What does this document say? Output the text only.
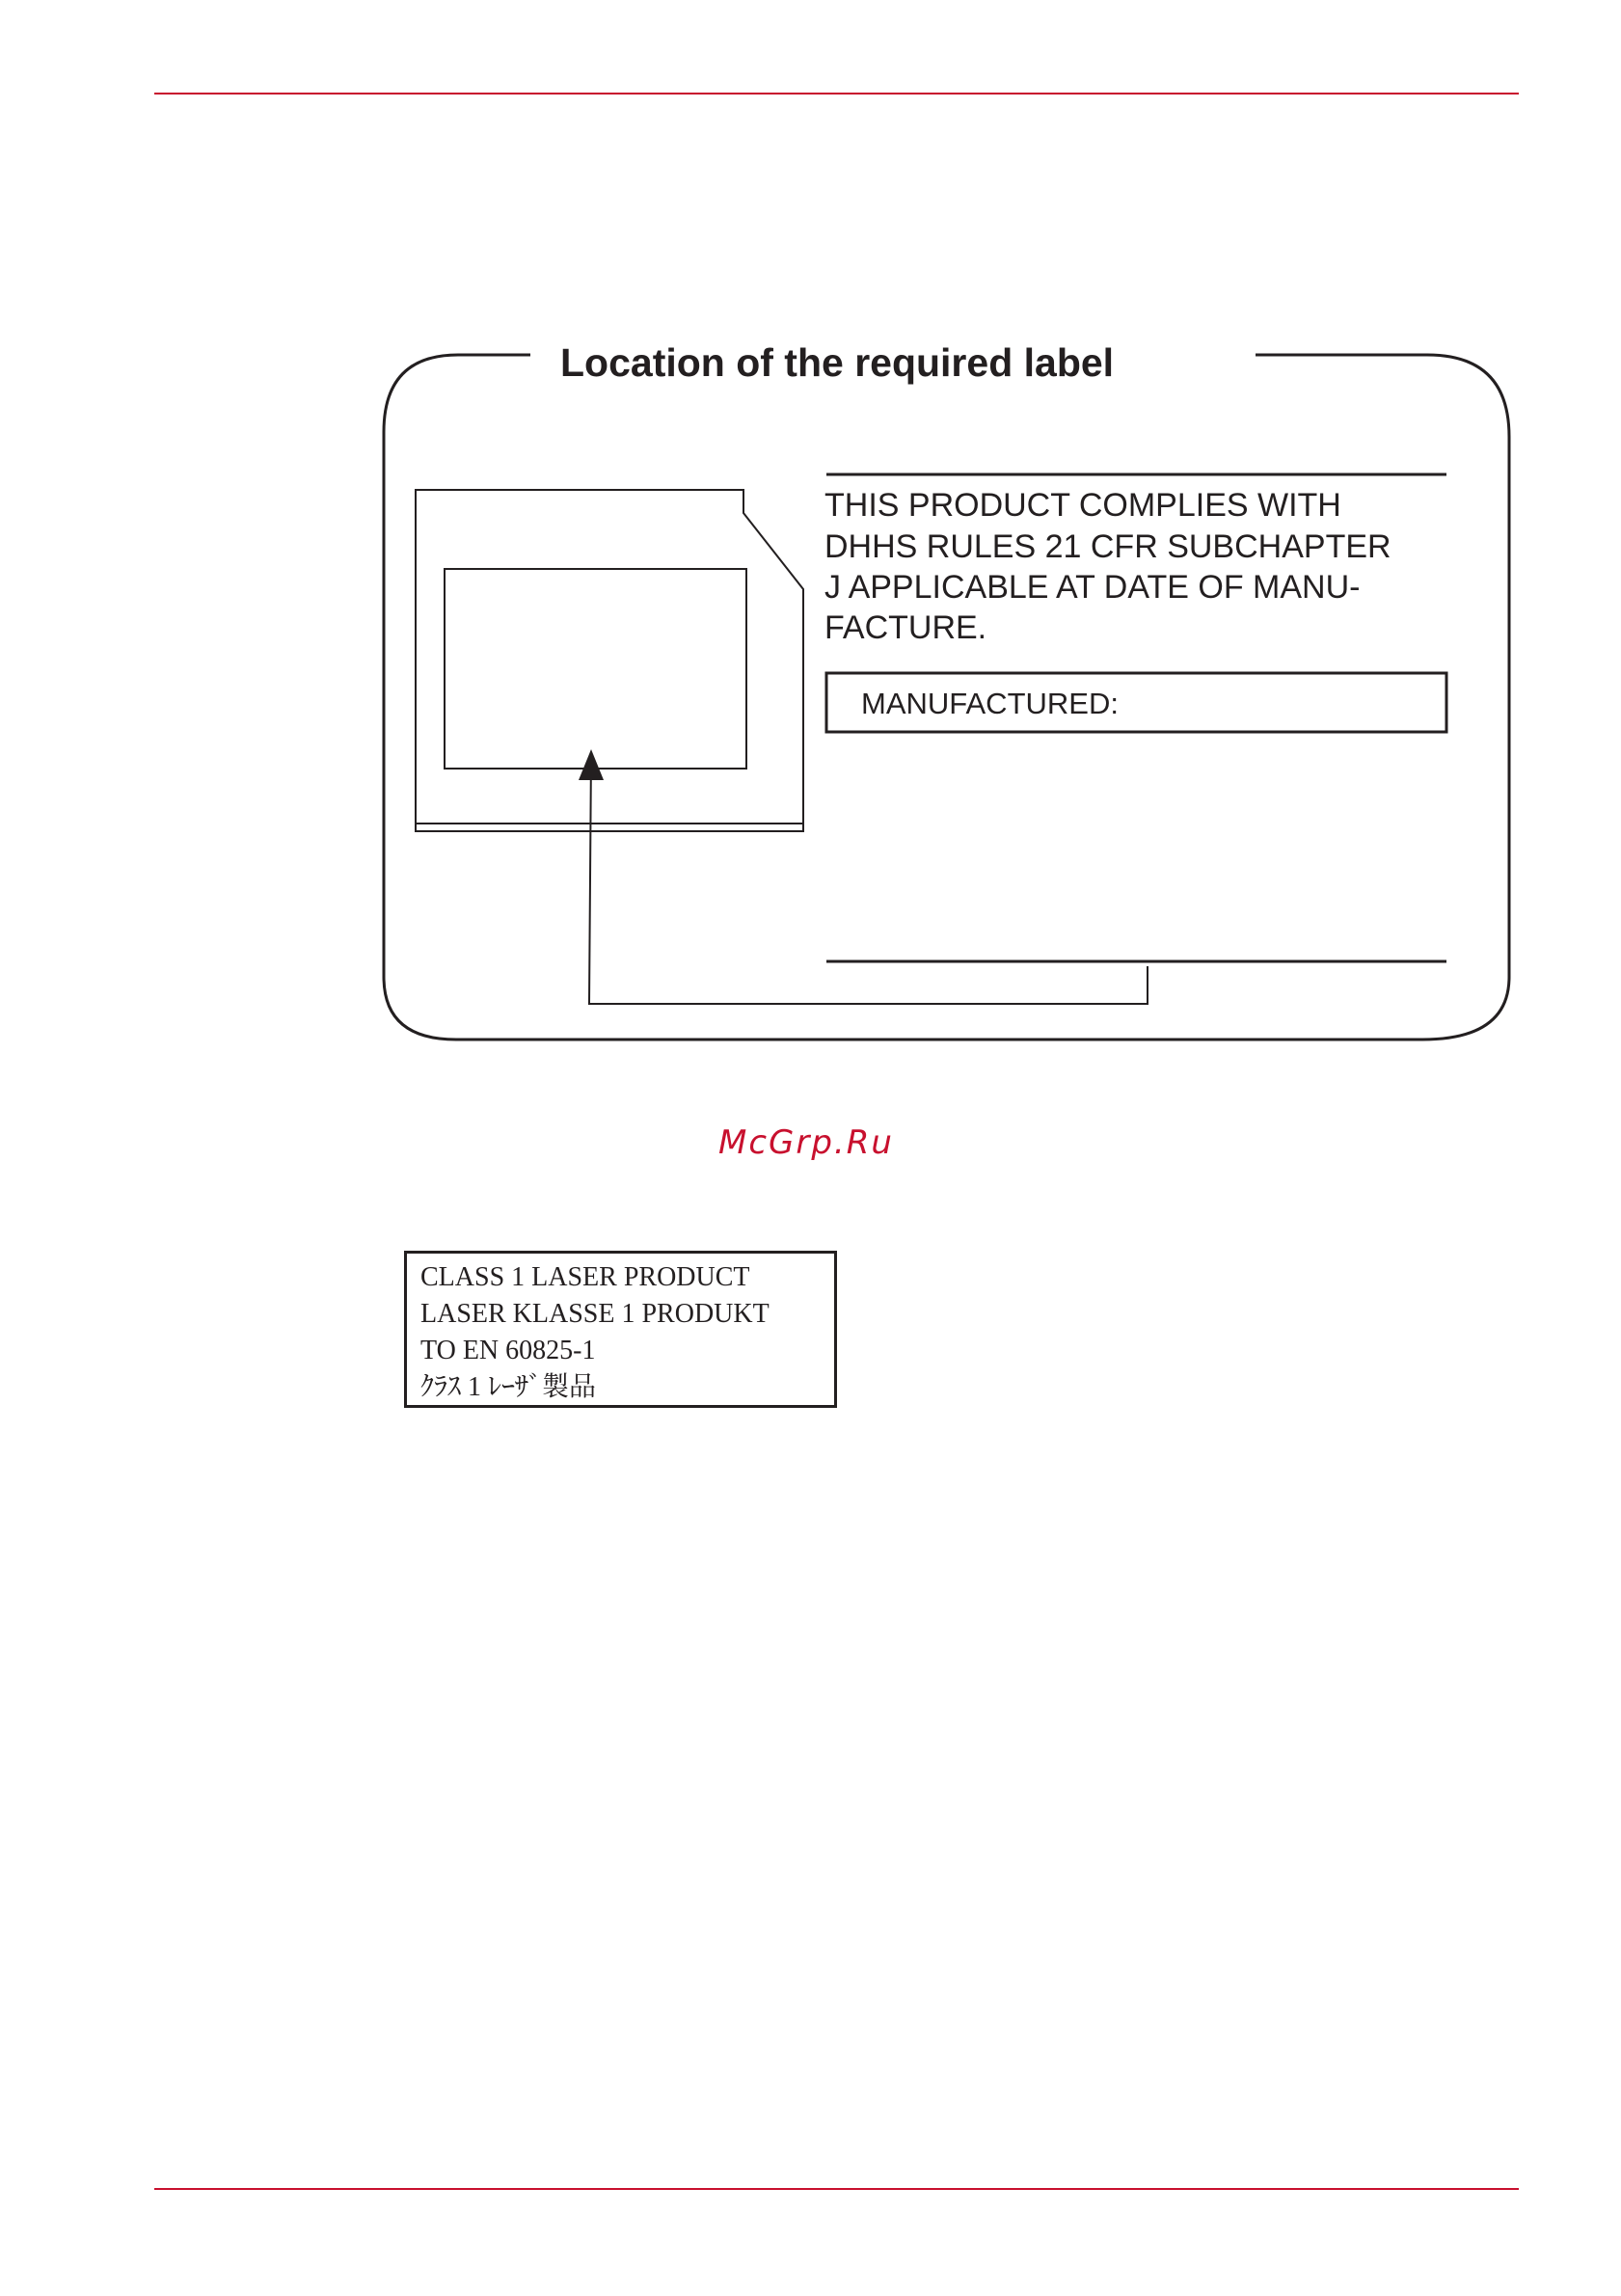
Location of the required label
THIS PRODUCT COMPLIES WITH DHHS RULES 21 CFR SUBCHAPTER J APPLICABLE AT DATE OF MANU- FACTURE.
MANUFACTURED:
McGrp.Ru
CLASS 1 LASER PRODUCT
LASER KLASSE 1 PRODUKT
TO EN 60825-1
ｸﾗｽ 1 ﾚｰｻﾞ製品
